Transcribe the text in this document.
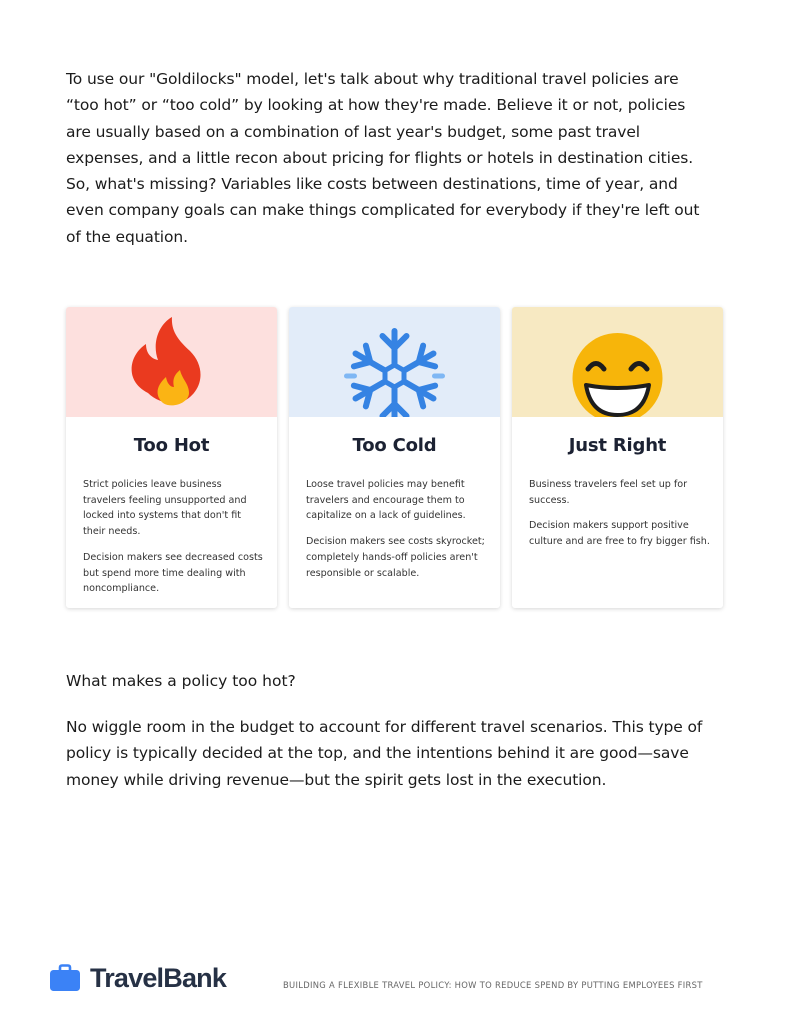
To use our "Goldilocks" model, let's talk about why traditional travel policies are “too hot” or “too cold” by looking at how they're made. Believe it or not, policies are usually based on a combination of last year's budget, some past travel expenses, and a little recon about pricing for flights or hotels in destination cities. So, what's missing? Variables like costs between destinations, time of year, and even company goals can make things complicated for everybody if they're left out of the equation.

Too Hot

Strict policies leave business travelers feeling unsupported and locked into systems that don't fit their needs.

Decision makers see decreased costs but spend more time dealing with noncompliance.

Too Cold

Loose travel policies may benefit travelers and encourage them to capitalize on a lack of guidelines.

Decision makers see costs skyrocket; completely hands-off policies aren't responsible or scalable.

Just Right

Business travelers feel set up for success.

Decision makers support positive culture and are free to fry bigger fish.

What makes a policy too hot?

No wiggle room in the budget to account for different travel scenarios. This type of policy is typically decided at the top, and the intentions behind it are good—save money while driving revenue—but the spirit gets lost in the execution.

TravelBank	BUILDING A FLEXIBLE TRAVEL POLICY: HOW TO REDUCE SPEND BY PUTTING EMPLOYEES FIRST
